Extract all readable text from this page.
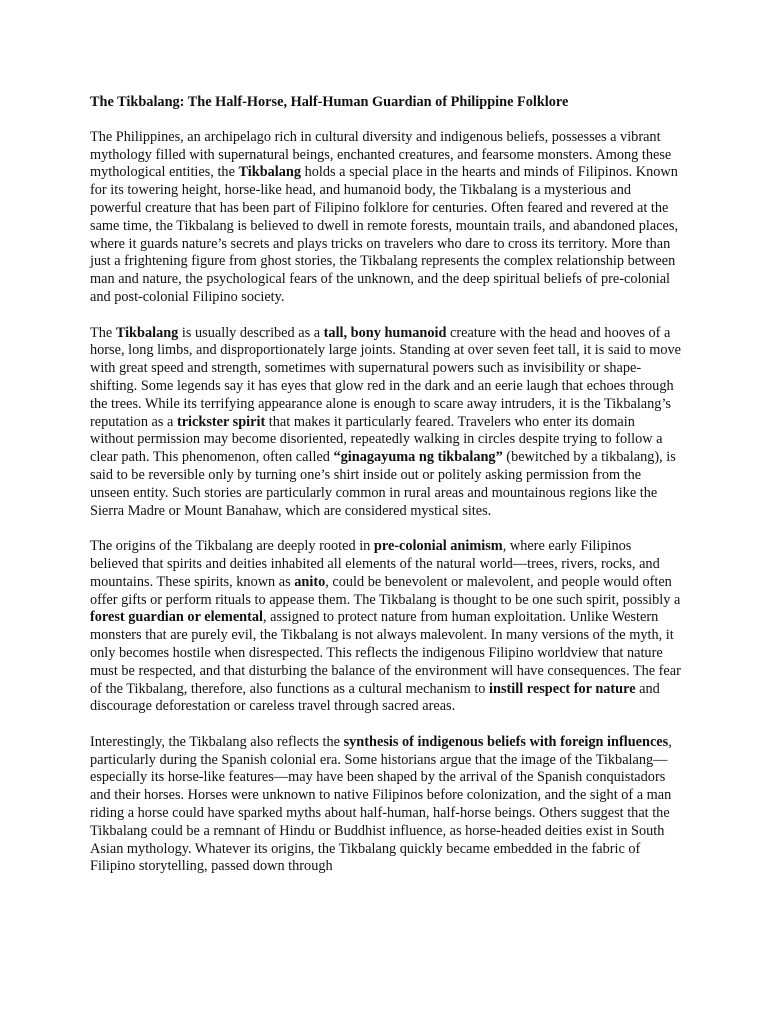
The Tikbalang: The Half-Horse, Half-Human Guardian of Philippine Folklore

The Philippines, an archipelago rich in cultural diversity and indigenous beliefs, possesses a vibrant mythology filled with supernatural beings, enchanted creatures, and fearsome monsters. Among these mythological entities, the Tikbalang holds a special place in the hearts and minds of Filipinos. Known for its towering height, horse-like head, and humanoid body, the Tikbalang is a mysterious and powerful creature that has been part of Filipino folklore for centuries. Often feared and revered at the same time, the Tikbalang is believed to dwell in remote forests, mountain trails, and abandoned places, where it guards nature’s secrets and plays tricks on travelers who dare to cross its territory. More than just a frightening figure from ghost stories, the Tikbalang represents the complex relationship between man and nature, the psychological fears of the unknown, and the deep spiritual beliefs of pre-colonial and post-colonial Filipino society.

The Tikbalang is usually described as a tall, bony humanoid creature with the head and hooves of a horse, long limbs, and disproportionately large joints. Standing at over seven feet tall, it is said to move with great speed and strength, sometimes with supernatural powers such as invisibility or shape-shifting. Some legends say it has eyes that glow red in the dark and an eerie laugh that echoes through the trees. While its terrifying appearance alone is enough to scare away intruders, it is the Tikbalang’s reputation as a trickster spirit that makes it particularly feared. Travelers who enter its domain without permission may become disoriented, repeatedly walking in circles despite trying to follow a clear path. This phenomenon, often called “ginagayuma ng tikbalang” (bewitched by a tikbalang), is said to be reversible only by turning one’s shirt inside out or politely asking permission from the unseen entity. Such stories are particularly common in rural areas and mountainous regions like the Sierra Madre or Mount Banahaw, which are considered mystical sites.

The origins of the Tikbalang are deeply rooted in pre-colonial animism, where early Filipinos believed that spirits and deities inhabited all elements of the natural world—trees, rivers, rocks, and mountains. These spirits, known as anito, could be benevolent or malevolent, and people would often offer gifts or perform rituals to appease them. The Tikbalang is thought to be one such spirit, possibly a forest guardian or elemental, assigned to protect nature from human exploitation. Unlike Western monsters that are purely evil, the Tikbalang is not always malevolent. In many versions of the myth, it only becomes hostile when disrespected. This reflects the indigenous Filipino worldview that nature must be respected, and that disturbing the balance of the environment will have consequences. The fear of the Tikbalang, therefore, also functions as a cultural mechanism to instill respect for nature and discourage deforestation or careless travel through sacred areas.

Interestingly, the Tikbalang also reflects the synthesis of indigenous beliefs with foreign influences, particularly during the Spanish colonial era. Some historians argue that the image of the Tikbalang—especially its horse-like features—may have been shaped by the arrival of the Spanish conquistadors and their horses. Horses were unknown to native Filipinos before colonization, and the sight of a man riding a horse could have sparked myths about half-human, half-horse beings. Others suggest that the Tikbalang could be a remnant of Hindu or Buddhist influence, as horse-headed deities exist in South Asian mythology. Whatever its origins, the Tikbalang quickly became embedded in the fabric of Filipino storytelling, passed down through
